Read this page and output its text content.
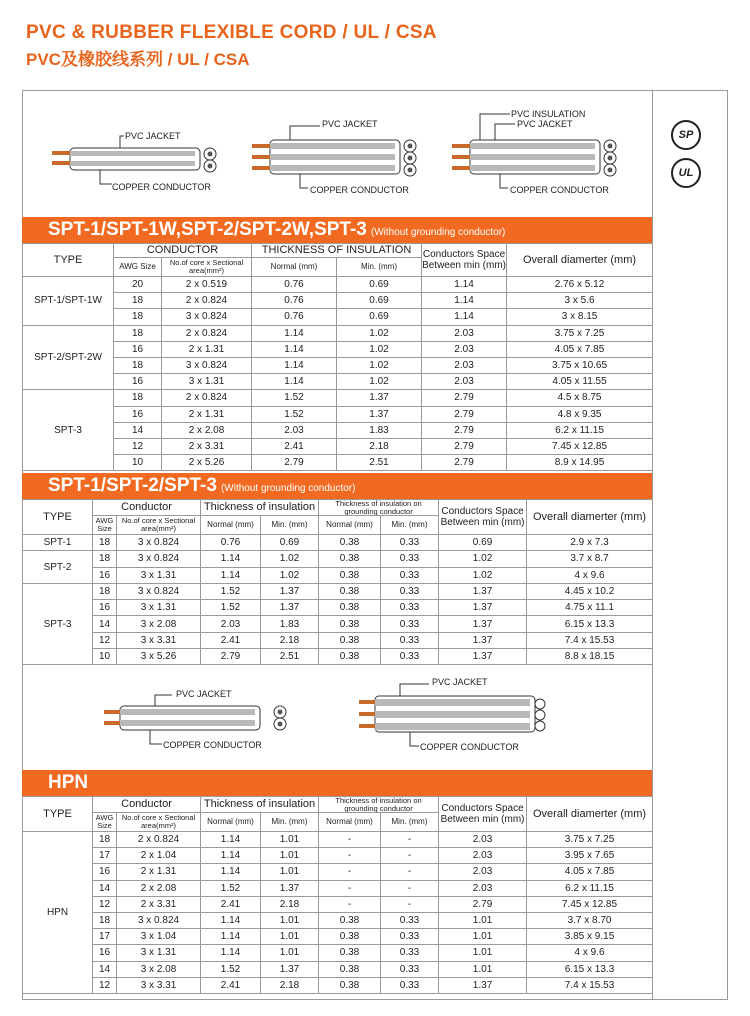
PVC & RUBBER FLEXIBLE CORD / UL / CSA
PVC及橡胶线系列 / UL / CSA
SP
UL
PVC JACKET
COPPER CONDUCTOR
PVC JACKET
COPPER CONDUCTOR
PVC INSULATION
PVC JACKET
COPPER CONDUCTOR
SPT-1/SPT-1W,SPT-2/SPT-2W,SPT-3 (Without grounding conductor)
TYPE	CONDUCTOR		THICKNESS OF INSULATION		Conductors Space Between min (mm)	Overall diamerter (mm)
	AWG Size	No.of core x Sectional area(mm²)	Normal (mm)	Min. (mm)		
SPT-1/SPT-1W	20	2 x 0.519	0.76	0.69	1.14	2.76 x 5.12
	18	2 x 0.824	0.76	0.69	1.14	3 x 5.6
	18	3 x 0.824	0.76	0.69	1.14	3 x 8.15
SPT-2/SPT-2W	18	2 x 0.824	1.14	1.02	2.03	3.75 x 7.25
	16	2 x 1.31	1.14	1.02	2.03	4.05 x 7.85
	18	3 x 0.824	1.14	1.02	2.03	3.75 x 10.65
	16	3 x 1.31	1.14	1.02	2.03	4.05 x 11.55
SPT-3	18	2 x 0.824	1.52	1.37	2.79	4.5 x 8.75
	16	2 x 1.31	1.52	1.37	2.79	4.8 x 9.35
	14	2 x 2.08	2.03	1.83	2.79	6.2 x 11.15
	12	2 x 3.31	2.41	2.18	2.79	7.45 x 12.85
	10	2 x 5.26	2.79	2.51	2.79	8.9 x 14.95
SPT-1/SPT-2/SPT-3 (Without grounding conductor)
TYPE	Conductor		Thickness of insulation		Thickness of insulation on grounding conductor		Conductors Space Between min (mm)	Overall diamerter (mm)
	AWG Size	No.of core x Sectional area(mm²)	Normal (mm)	Min. (mm)	Normal (mm)	Min. (mm)		
SPT-1	18	3 x 0.824	0.76	0.69	0.38	0.33	0.69	2.9 x 7.3
SPT-2	18	3 x 0.824	1.14	1.02	0.38	0.33	1.02	3.7 x 8.7
	16	3 x 1.31	1.14	1.02	0.38	0.33	1.02	4 x 9.6
SPT-3	18	3 x 0.824	1.52	1.37	0.38	0.33	1.37	4.45 x 10.2
	16	3 x 1.31	1.52	1.37	0.38	0.33	1.37	4.75 x 11.1
	14	3 x 2.08	2.03	1.83	0.38	0.33	1.37	6.15 x 13.3
	12	3 x 3.31	2.41	2.18	0.38	0.33	1.37	7.4 x 15.53
	10	3 x 5.26	2.79	2.51	0.38	0.33	1.37	8.8 x 18.15
PVC JACKET
COPPER CONDUCTOR
PVC JACKET
COPPER CONDUCTOR
HPN
TYPE	Conductor		Thickness of insulation		Thickness of insulation on grounding conductor		Conductors Space Between min (mm)	Overall diamerter (mm)
	AWG Size	No.of core x Sectional area(mm²)	Normal (mm)	Min. (mm)	Normal (mm)	Min. (mm)		
HPN	18	2 x 0.824	1.14	1.01	-	-	2.03	3.75 x 7.25
	17	2 x 1.04	1.14	1.01	-	-	2.03	3.95 x 7.65
	16	2 x 1.31	1.14	1.01	-	-	2.03	4.05 x 7.85
	14	2 x 2.08	1.52	1.37	-	-	2.03	6.2 x 11.15
	12	2 x 3.31	2.41	2.18	-	-	2.79	7.45 x 12.85
	18	3 x 0.824	1.14	1.01	0.38	0.33	1.01	3.7 x 8.70
	17	3 x 1.04	1.14	1.01	0.38	0.33	1.01	3.85 x 9.15
	16	3 x 1.31	1.14	1.01	0.38	0.33	1.01	4 x 9.6
	14	3 x 2.08	1.52	1.37	0.38	0.33	1.01	6.15 x 13.3
	12	3 x 3.31	2.41	2.18	0.38	0.33	1.37	7.4 x 15.53
